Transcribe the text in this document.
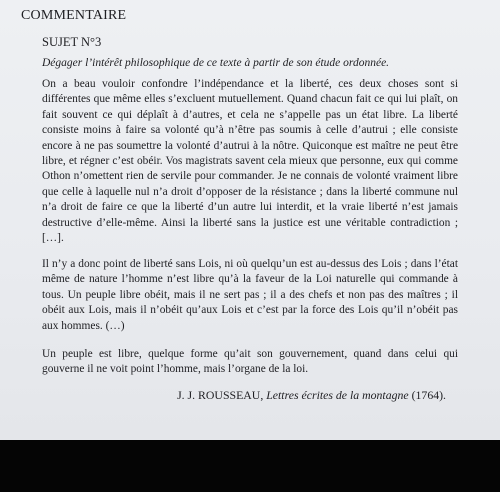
COMMENTAIRE
SUJET N°3
Dégager l’intérêt philosophique de ce texte à partir de son étude ordonnée.

On a beau vouloir confondre l’indépendance et la liberté, ces deux choses sont si différentes que même elles s’excluent mutuellement. Quand chacun fait ce qui lui plaît, on fait souvent ce qui déplaît à d’autres, et cela ne s’appelle pas un état libre. La liberté consiste moins à faire sa volonté qu’à n’être pas soumis à celle d’autrui ; elle consiste encore à ne pas soumettre la volonté d’autrui à la nôtre. Quiconque est maître ne peut être libre, et régner c’est obéir. Vos magistrats savent cela mieux que personne, eux qui comme Othon n’omettent rien de servile pour commander. Je ne connais de volonté vraiment libre que celle à laquelle nul n’a droit d’opposer de la résistance ; dans la liberté commune nul n’a droit de faire ce que la liberté d’un autre lui interdit, et la vraie liberté n’est jamais destructive d’elle-même. Ainsi la liberté sans la justice est une véritable contradiction ; […].

Il n’y a donc point de liberté sans Lois, ni où quelqu’un est au-dessus des Lois ; dans l’état même de nature l’homme n’est libre qu’à la faveur de la Loi naturelle qui commande à tous. Un peuple libre obéit, mais il ne sert pas ; il a des chefs et non pas des maîtres ; il obéit aux Lois, mais il n’obéit qu’aux Lois et c’est par la force des Lois qu’il n’obéit pas aux hommes. (…)

Un peuple est libre, quelque forme qu’ait son gouvernement, quand dans celui qui gouverne il ne voit point l’homme, mais l’organe de la loi.

J. J. ROUSSEAU, Lettres écrites de la montagne (1764).
